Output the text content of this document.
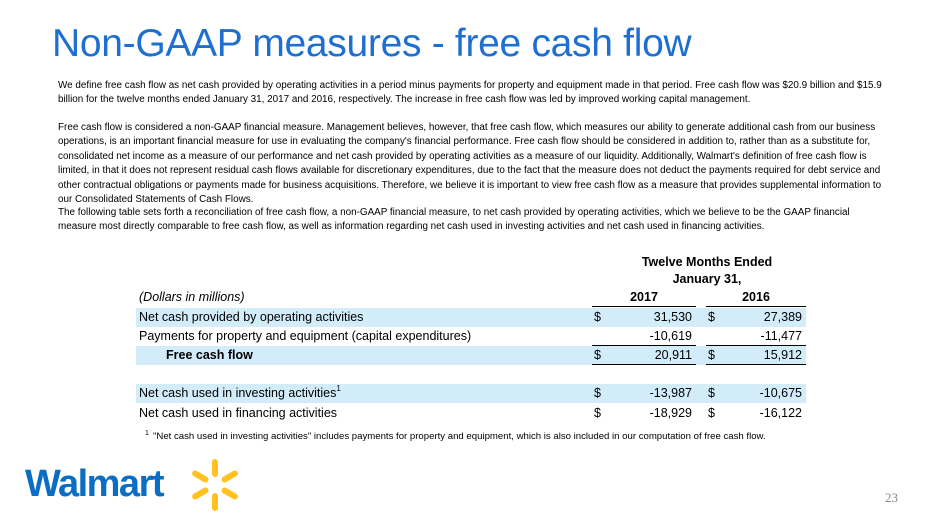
Non-GAAP measures - free cash flow

We define free cash flow as net cash provided by operating activities in a period minus payments for property and equipment made in that period. Free cash flow was $20.9 billion and $15.9 billion for the twelve months ended January 31, 2017 and 2016, respectively. The increase in free cash flow was led by improved working capital management.

Free cash flow is considered a non-GAAP financial measure. Management believes, however, that free cash flow, which measures our ability to generate additional cash from our business operations, is an important financial measure for use in evaluating the company's financial performance. Free cash flow should be considered in addition to, rather than as a substitute for, consolidated net income as a measure of our performance and net cash provided by operating activities as a measure of our liquidity. Additionally, Walmart's definition of free cash flow is limited, in that it does not represent residual cash flows available for discretionary expenditures, due to the fact that the measure does not deduct the payments required for debt service and other contractual obligations or payments made for business acquisitions. Therefore, we believe it is important to view free cash flow as a measure that provides supplemental information to our Consolidated Statements of Cash Flows.

The following table sets forth a reconciliation of free cash flow, a non-GAAP financial measure, to net cash provided by operating activities, which we believe to be the GAAP financial measure most directly comparable to free cash flow, as well as information regarding net cash used in investing activities and net cash used in financing activities.

Twelve Months Ended
January 31,
(Dollars in millions)	2017	2016
Net cash provided by operating activities	$	31,530 $	27,389
Payments for property and equipment (capital expenditures)	-10,619	-11,477
Free cash flow	$	20,911 $	15,912
Net cash used in investing activities$^1$	$	-13,987 $	-10,675
Net cash used in financing activities	$	-18,929 $	-16,122
1 "Net cash used in investing activities" includes payments for property and equipment, which is also included in our computation of free cash flow.
Walmart	23
